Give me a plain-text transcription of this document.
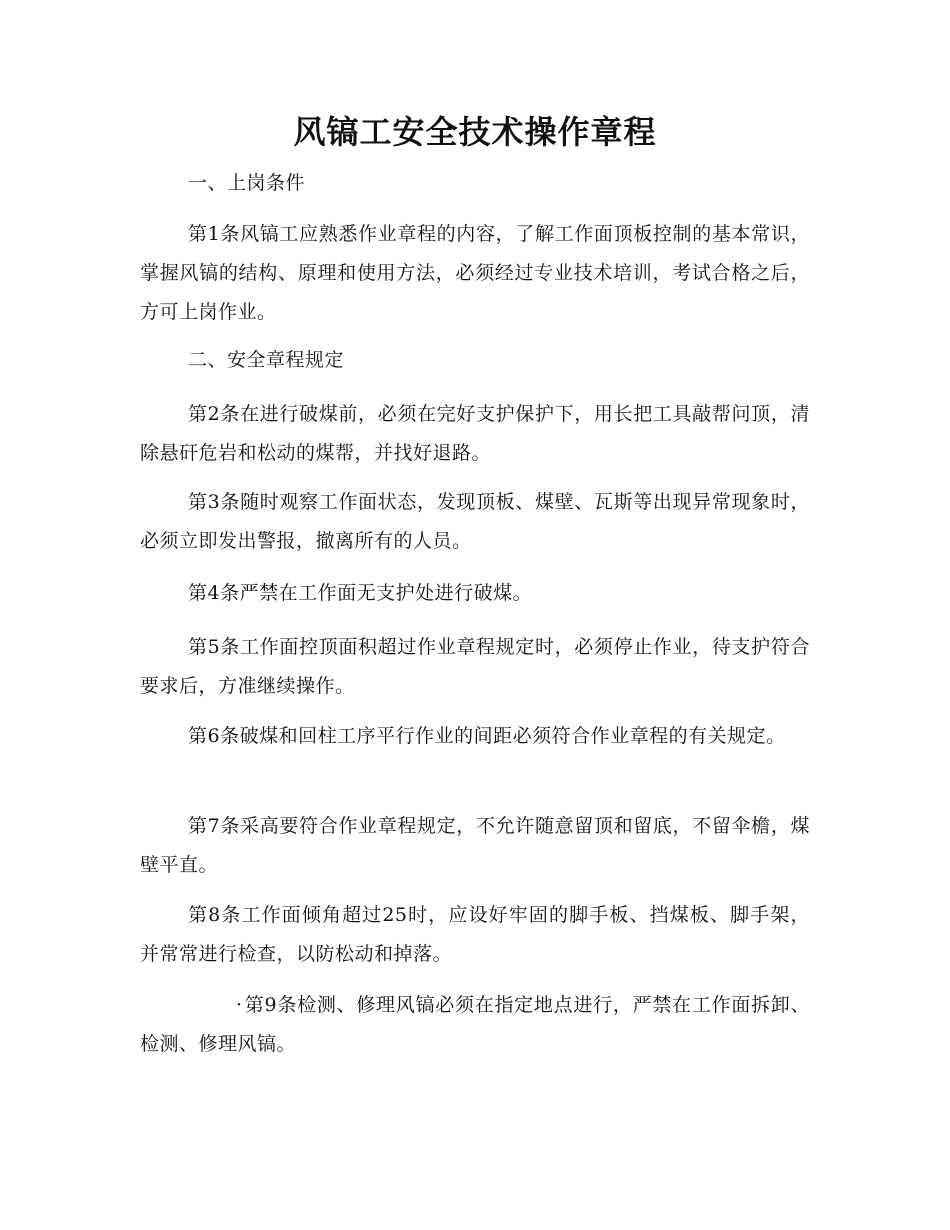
风镐工安全技术操作章程

一、上岗条件

第1条风镐工应熟悉作业章程的内容，了解工作面顶板控制的基本常识，掌握风镐的结构、原理和使用方法，必须经过专业技术培训，考试合格之后，方可上岗作业。

二、安全章程规定

第2条在进行破煤前，必须在完好支护保护下，用长把工具敲帮问顶，清除悬矸危岩和松动的煤帮，并找好退路。

第3条随时观察工作面状态，发现顶板、煤壁、瓦斯等出现异常现象时，必须立即发出警报，撤离所有的人员。

第4条严禁在工作面无支护处进行破煤。

第5条工作面控顶面积超过作业章程规定时，必须停止作业，待支护符合要求后，方准继续操作。

第6条破煤和回柱工序平行作业的间距必须符合作业章程的有关规定。

第7条采高要符合作业章程规定，不允许随意留顶和留底，不留伞檐，煤壁平直。

第8条工作面倾角超过25时，应设好牢固的脚手板、挡煤板、脚手架，并常常进行检查，以防松动和掉落。

· 第9条检测、修理风镐必须在指定地点进行，严禁在工作面拆卸、检测、修理风镐。
